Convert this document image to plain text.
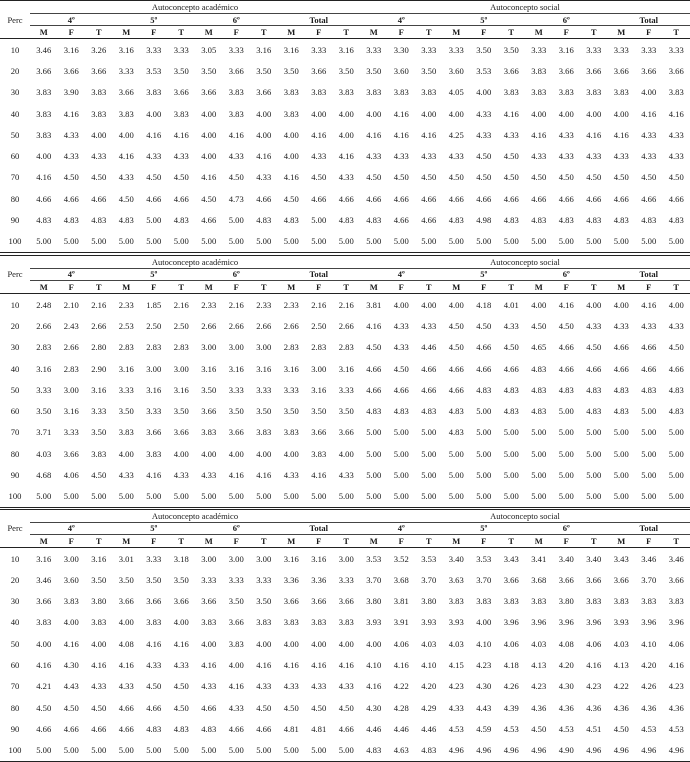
Perc	Autoconcepto académico												Autoconcepto social											
	4º			5º			6º			Total			4º			5º			6º			Total		
	M	F	T	M	F	T	M	F	T	M	F	T	M	F	T	M	F	T	M	F	T	M	F	T
10	3.46	3.16	3.26	3.16	3.33	3.33	3.05	3.33	3.16	3.16	3.33	3.16	3.33	3.30	3.33	3.33	3.50	3.50	3.33	3.16	3.33	3.33	3.33	3.33
20	3.66	3.66	3.66	3.33	3.53	3.50	3.50	3.66	3.50	3.50	3.66	3.50	3.50	3.60	3.50	3.60	3.53	3.66	3.83	3.66	3.66	3.66	3.66	3.66
30	3.83	3.90	3.83	3.66	3.83	3.66	3.66	3.83	3.66	3.83	3.83	3.83	3.83	3.83	3.83	4.05	4.00	3.83	3.83	3.83	3.83	3.83	4.00	3.83
40	3.83	4.16	3.83	3.83	4.00	3.83	4.00	3.83	4.00	3.83	4.00	4.00	4.00	4.16	4.00	4.00	4.33	4.16	4.00	4.00	4.00	4.00	4.16	4.16
50	3.83	4.33	4.00	4.00	4.16	4.16	4.00	4.16	4.00	4.00	4.16	4.00	4.16	4.16	4.16	4.25	4.33	4.33	4.16	4.33	4.16	4.16	4.33	4.33
60	4.00	4.33	4.33	4.16	4.33	4.33	4.00	4.33	4.16	4.00	4.33	4.16	4.33	4.33	4.33	4.33	4.50	4.50	4.33	4.33	4.33	4.33	4.33	4.33
70	4.16	4.50	4.50	4.33	4.50	4.50	4.16	4.50	4.33	4.16	4.50	4.33	4.50	4.50	4.50	4.50	4.50	4.50	4.50	4.50	4.50	4.50	4.50	4.50
80	4.66	4.66	4.66	4.50	4.66	4.66	4.50	4.73	4.66	4.50	4.66	4.66	4.66	4.66	4.66	4.66	4.66	4.66	4.66	4.66	4.66	4.66	4.66	4.66
90	4.83	4.83	4.83	4.83	5.00	4.83	4.66	5.00	4.83	4.83	5.00	4.83	4.83	4.66	4.66	4.83	4.98	4.83	4.83	4.83	4.83	4.83	4.83	4.83
100	5.00	5.00	5.00	5.00	5.00	5.00	5.00	5.00	5.00	5.00	5.00	5.00	5.00	5.00	5.00	5.00	5.00	5.00	5.00	5.00	5.00	5.00	5.00	5.00
Perc	Autoconcepto académico												Autoconcepto social											
	4º			5º			6º			Total			4º			5º			6º			Total		
	M	F	T	M	F	T	M	F	T	M	F	T	M	F	T	M	F	T	M	F	T	M	F	T
10	2.48	2.10	2.16	2.33	1.85	2.16	2.33	2.16	2.33	2.33	2.16	2.16	3.81	4.00	4.00	4.00	4.18	4.01	4.00	4.16	4.00	4.00	4.16	4.00
20	2.66	2.43	2.66	2.53	2.50	2.50	2.66	2.66	2.66	2.66	2.50	2.66	4.16	4.33	4.33	4.50	4.50	4.33	4.50	4.50	4.33	4.33	4.33	4.33
30	2.83	2.66	2.80	2.83	2.83	2.83	3.00	3.00	3.00	2.83	2.83	2.83	4.50	4.33	4.46	4.50	4.66	4.50	4.65	4.66	4.50	4.66	4.66	4.50
40	3.16	2.83	2.90	3.16	3.00	3.00	3.16	3.16	3.16	3.16	3.00	3.16	4.66	4.50	4.66	4.66	4.66	4.66	4.83	4.66	4.66	4.66	4.66	4.66
50	3.33	3.00	3.16	3.33	3.16	3.16	3.50	3.33	3.33	3.33	3.16	3.33	4.66	4.66	4.66	4.66	4.83	4.83	4.83	4.83	4.83	4.83	4.83	4.83
60	3.50	3.16	3.33	3.50	3.33	3.50	3.66	3.50	3.50	3.50	3.50	3.50	4.83	4.83	4.83	4.83	5.00	4.83	4.83	5.00	4.83	4.83	5.00	4.83
70	3.71	3.33	3.50	3.83	3.66	3.66	3.83	3.66	3.83	3.83	3.66	3.66	5.00	5.00	5.00	4.83	5.00	5.00	5.00	5.00	5.00	5.00	5.00	5.00
80	4.03	3.66	3.83	4.00	3.83	4.00	4.00	4.00	4.00	4.00	3.83	4.00	5.00	5.00	5.00	5.00	5.00	5.00	5.00	5.00	5.00	5.00	5.00	5.00
90	4.68	4.06	4.50	4.33	4.16	4.33	4.33	4.16	4.16	4.33	4.16	4.33	5.00	5.00	5.00	5.00	5.00	5.00	5.00	5.00	5.00	5.00	5.00	5.00
100	5.00	5.00	5.00	5.00	5.00	5.00	5.00	5.00	5.00	5.00	5.00	5.00	5.00	5.00	5.00	5.00	5.00	5.00	5.00	5.00	5.00	5.00	5.00	5.00
Perc	Autoconcepto académico												Autoconcepto social											
	4º			5º			6º			Total			4º			5º			6º			Total		
	M	F	T	M	F	T	M	F	T	M	F	T	M	F	T	M	F	T	M	F	T	M	F	T
10	3.16	3.00	3.16	3.01	3.33	3.18	3.00	3.00	3.00	3.16	3.16	3.00	3.53	3.52	3.53	3.40	3.53	3.43	3.41	3.40	3.40	3.43	3.46	3.46
20	3.46	3.60	3.50	3.50	3.50	3.50	3.33	3.33	3.33	3.36	3.36	3.33	3.70	3.68	3.70	3.63	3.70	3.66	3.68	3.66	3.66	3.66	3.70	3.66
30	3.66	3.83	3.80	3.66	3.66	3.66	3.66	3.50	3.50	3.66	3.66	3.66	3.80	3.81	3.80	3.83	3.83	3.83	3.83	3.80	3.83	3.83	3.83	3.83
40	3.83	4.00	3.83	4.00	3.83	4.00	3.83	3.66	3.83	3.83	3.83	3.83	3.93	3.91	3.93	3.93	4.00	3.96	3.96	3.96	3.96	3.93	3.96	3.96
50	4.00	4.16	4.00	4.08	4.16	4.16	4.00	3.83	4.00	4.00	4.00	4.00	4.00	4.06	4.03	4.03	4.10	4.06	4.03	4.08	4.06	4.03	4.10	4.06
60	4.16	4.30	4.16	4.16	4.33	4.33	4.16	4.00	4.16	4.16	4.16	4.16	4.10	4.16	4.10	4.15	4.23	4.18	4.13	4.20	4.16	4.13	4.20	4.16
70	4.21	4.43	4.33	4.33	4.50	4.50	4.33	4.16	4.33	4.33	4.33	4.33	4.16	4.22	4.20	4.23	4.30	4.26	4.23	4.30	4.23	4.22	4.26	4.23
80	4.50	4.50	4.50	4.66	4.66	4.50	4.66	4.33	4.50	4.50	4.50	4.50	4.30	4.28	4.29	4.33	4.43	4.39	4.36	4.36	4.36	4.36	4.36	4.36
90	4.66	4.66	4.66	4.66	4.83	4.83	4.83	4.66	4.66	4.81	4.81	4.66	4.46	4.46	4.46	4.53	4.59	4.53	4.50	4.53	4.51	4.50	4.53	4.53
100	5.00	5.00	5.00	5.00	5.00	5.00	5.00	5.00	5.00	5.00	5.00	5.00	4.83	4.63	4.83	4.96	4.96	4.96	4.96	4.90	4.96	4.96	4.96	4.96
